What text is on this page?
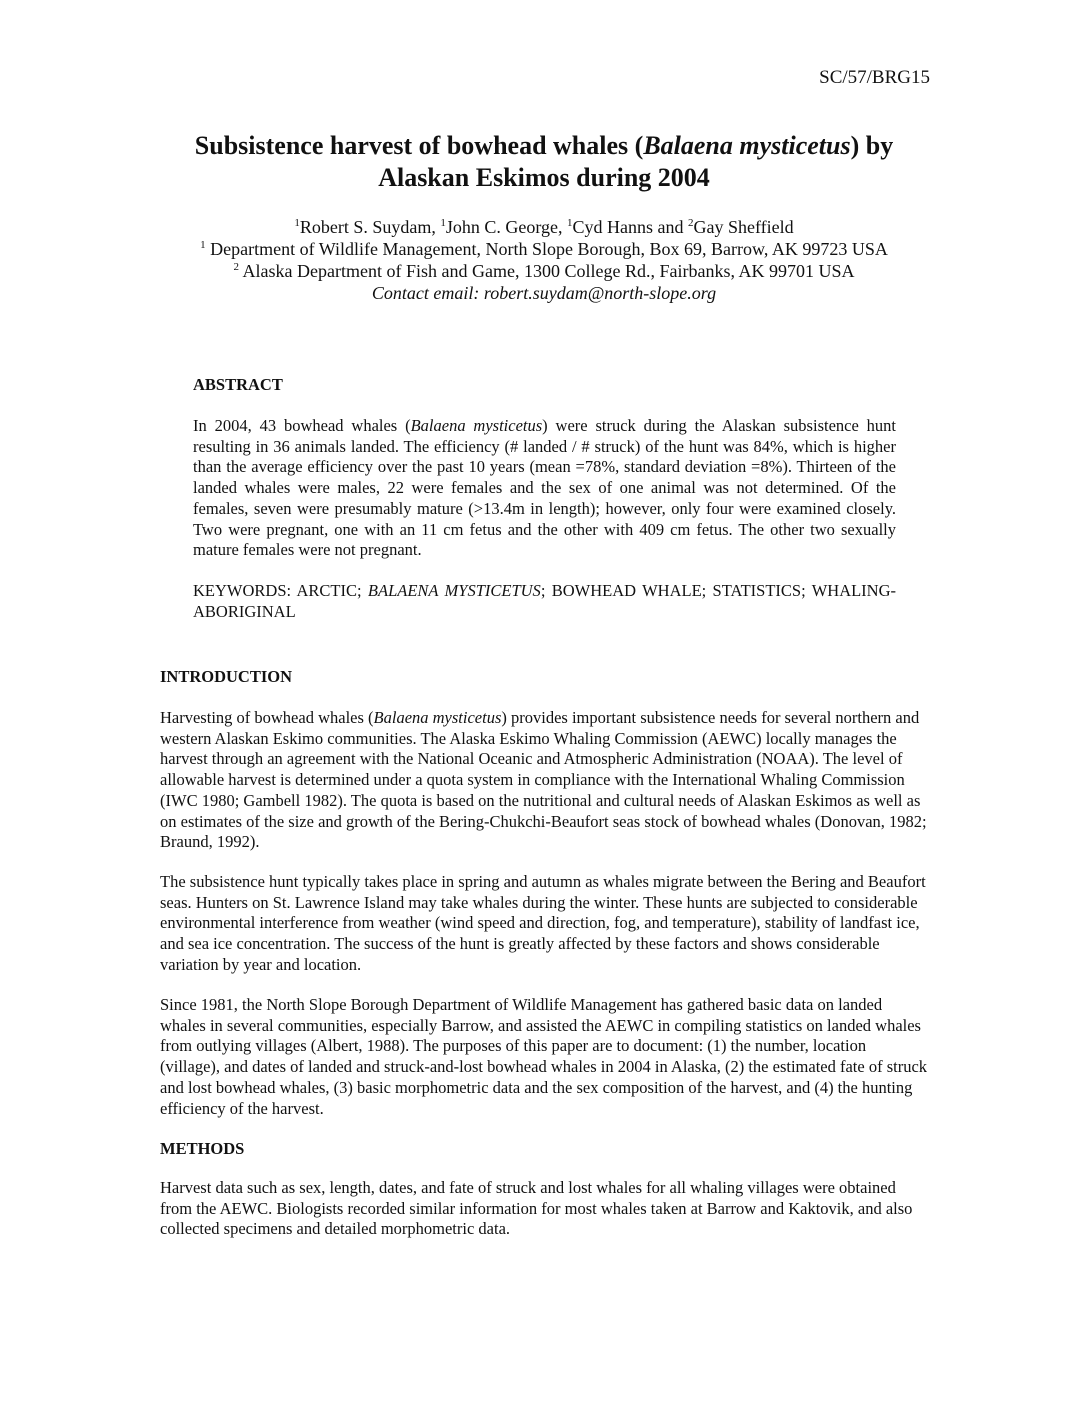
SC/57/BRG15
Subsistence harvest of bowhead whales (Balaena mysticetus) by
Alaskan Eskimos during 2004
$^1$Robert S. Suydam, $^1$John C. George, $^1$Cyd Hanns and $^2$Gay Sheffield
$^1$ Department of Wildlife Management, North Slope Borough, Box 69, Barrow, AK 99723 USA
$^2$ Alaska Department of Fish and Game, 1300 College Rd., Fairbanks, AK 99701 USA
Contact email: robert.suydam@north-slope.org
ABSTRACT
In 2004, 43 bowhead whales (Balaena mysticetus) were struck during the Alaskan subsistence hunt resulting in 36 animals landed. The efficiency (# landed / # struck) of the hunt was 84%, which is higher than the average efficiency over the past 10 years (mean =78%, standard deviation =8%). Thirteen of the landed whales were males, 22 were females and the sex of one animal was not determined. Of the females, seven were presumably mature (>13.4m in length); however, only four were examined closely. Two were pregnant, one with an 11 cm fetus and the other with 409 cm fetus. The other two sexually mature females were not pregnant.
KEYWORDS: ARCTIC; BALAENA MYSTICETUS; BOWHEAD WHALE; STATISTICS; WHALING-ABORIGINAL
INTRODUCTION
Harvesting of bowhead whales (Balaena mysticetus) provides important subsistence needs for several northern and western Alaskan Eskimo communities. The Alaska Eskimo Whaling Commission (AEWC) locally manages the harvest through an agreement with the National Oceanic and Atmospheric Administration (NOAA). The level of allowable harvest is determined under a quota system in compliance with the International Whaling Commission (IWC 1980; Gambell 1982). The quota is based on the nutritional and cultural needs of Alaskan Eskimos as well as on estimates of the size and growth of the Bering-Chukchi-Beaufort seas stock of bowhead whales (Donovan, 1982; Braund, 1992).
The subsistence hunt typically takes place in spring and autumn as whales migrate between the Bering and Beaufort seas. Hunters on St. Lawrence Island may take whales during the winter. These hunts are subjected to considerable environmental interference from weather (wind speed and direction, fog, and temperature), stability of landfast ice, and sea ice concentration. The success of the hunt is greatly affected by these factors and shows considerable variation by year and location.
Since 1981, the North Slope Borough Department of Wildlife Management has gathered basic data on landed whales in several communities, especially Barrow, and assisted the AEWC in compiling statistics on landed whales from outlying villages (Albert, 1988). The purposes of this paper are to document: (1) the number, location (village), and dates of landed and struck-and-lost bowhead whales in 2004 in Alaska, (2) the estimated fate of struck and lost bowhead whales, (3) basic morphometric data and the sex composition of the harvest, and (4) the hunting efficiency of the harvest.
METHODS
Harvest data such as sex, length, dates, and fate of struck and lost whales for all whaling villages were obtained from the AEWC. Biologists recorded similar information for most whales taken at Barrow and Kaktovik, and also collected specimens and detailed morphometric data.
